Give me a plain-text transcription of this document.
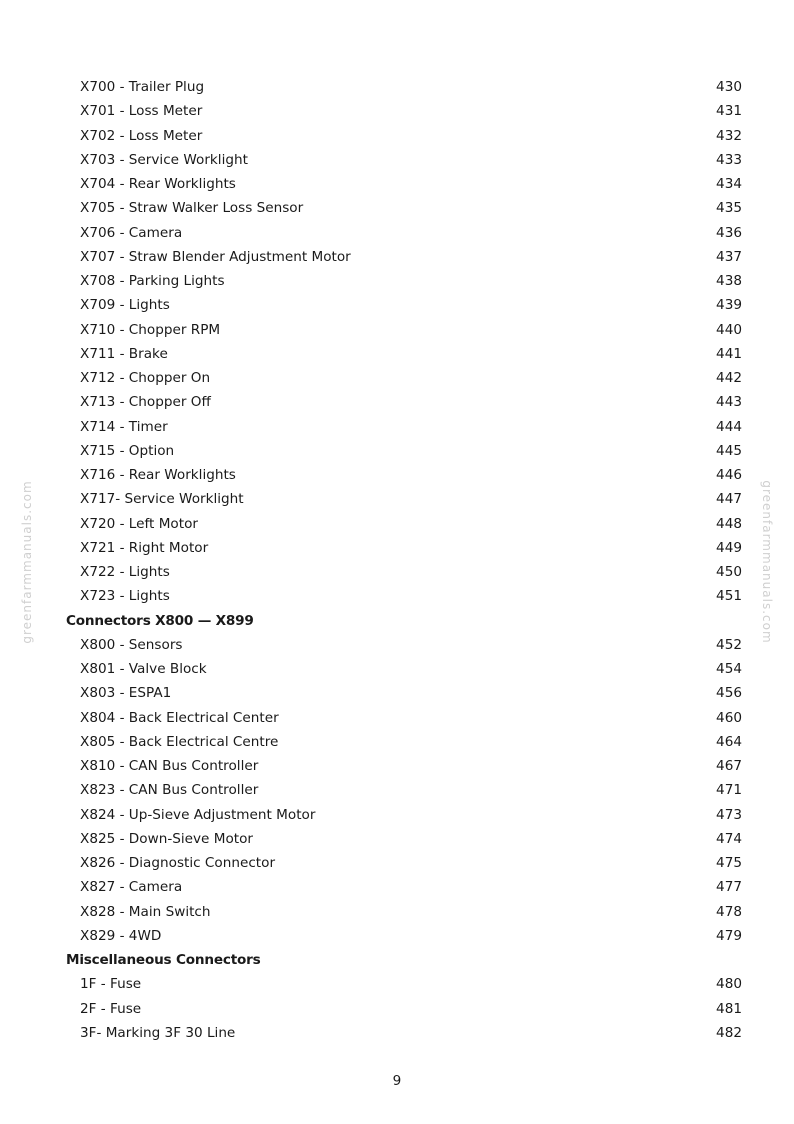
X700 - Trailer Plug	430
X701 - Loss Meter	431
X702 - Loss Meter	432
X703 - Service Worklight	433
X704 - Rear Worklights	434
X705 - Straw Walker Loss Sensor	435
X706 - Camera	436
X707 - Straw Blender Adjustment Motor	437
X708 - Parking Lights	438
X709 - Lights	439
X710 - Chopper RPM	440
X711 - Brake	441
X712 - Chopper On	442
X713 - Chopper Off	443
X714 - Timer	444
X715 - Option	445
X716 - Rear Worklights	446
X717- Service Worklight	447
X720 - Left Motor	448
X721 - Right Motor	449
X722 - Lights	450
X723 - Lights	451
Connectors X800 — X899
X800 - Sensors	452
X801 - Valve Block	454
X803 - ESPA1	456
X804 - Back Electrical Center	460
X805 - Back Electrical Centre	464
X810 - CAN Bus Controller	467
X823 - CAN Bus Controller	471
X824 - Up-Sieve Adjustment Motor	473
X825 - Down-Sieve Motor	474
X826 - Diagnostic Connector	475
X827 - Camera	477
X828 - Main Switch	478
X829 - 4WD	479
Miscellaneous Connectors
1F - Fuse	480
2F - Fuse	481
3F- Marking 3F 30 Line	482
9
greenfarmmanuals.com	greenfarmmanuals.com
